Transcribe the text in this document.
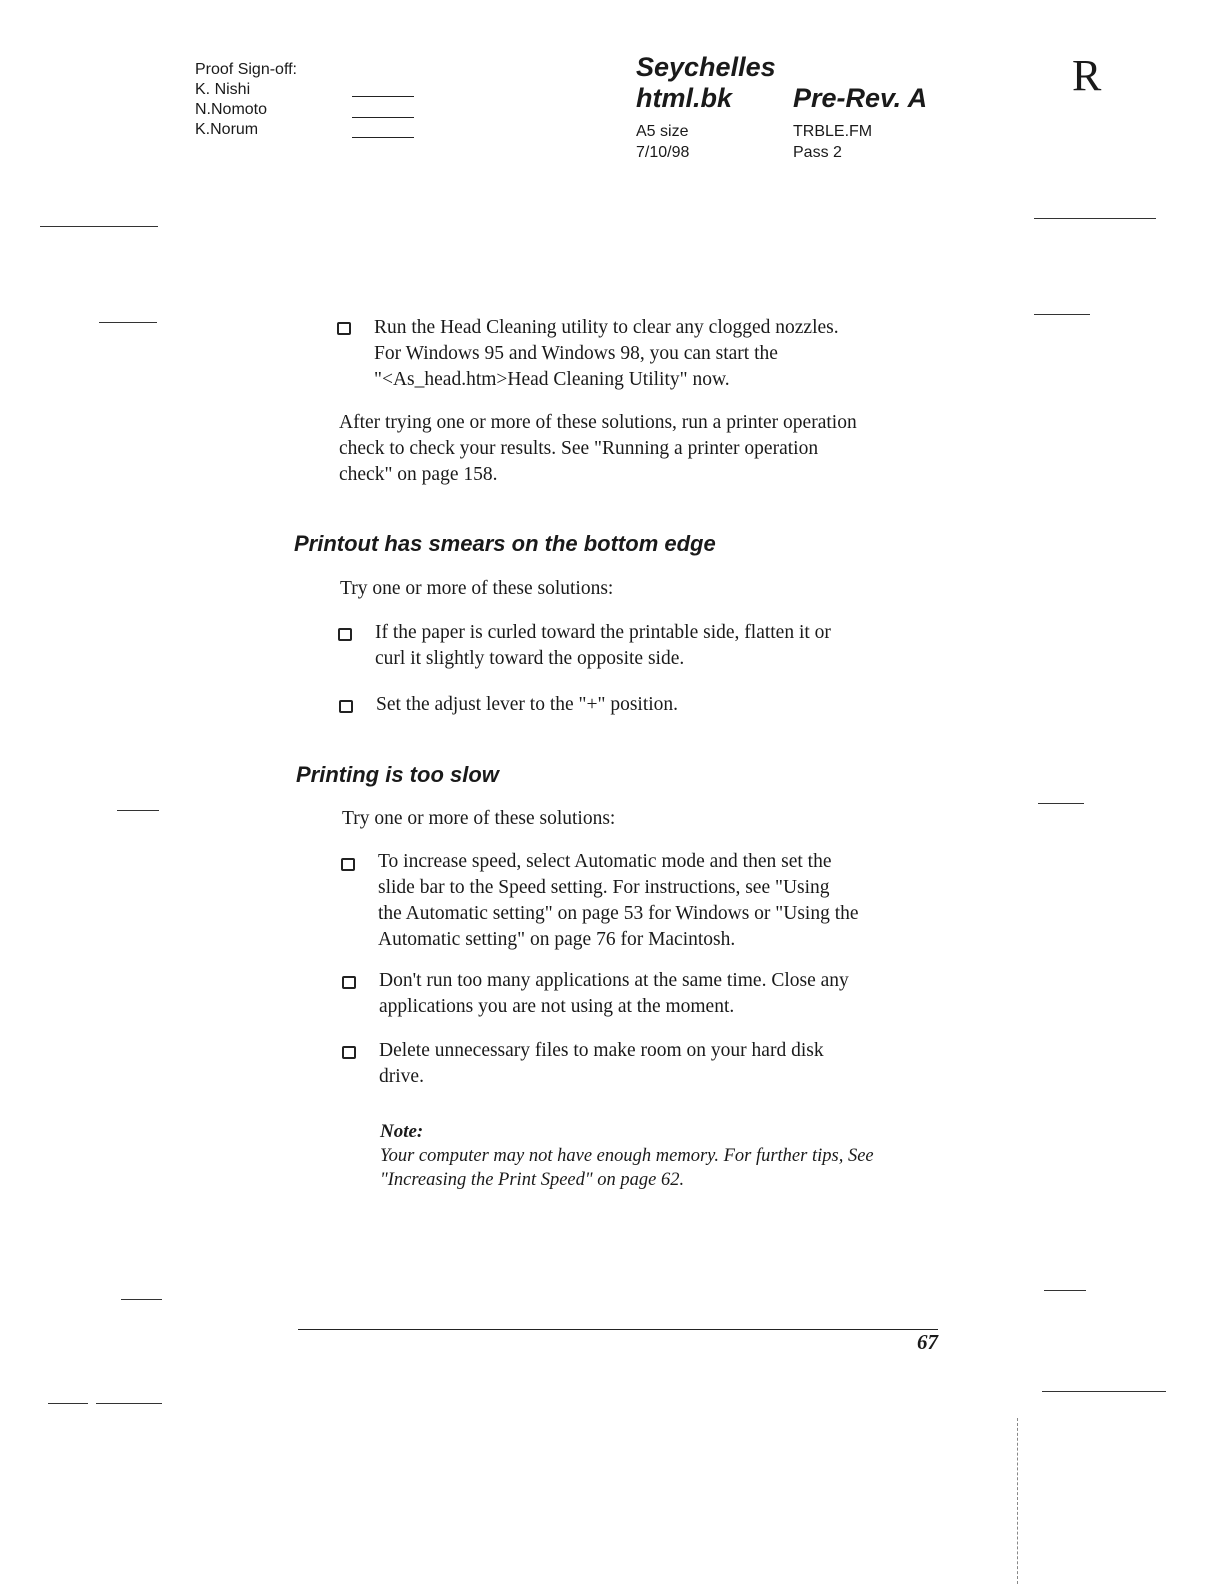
Proof Sign-off:
K. Nishi
N.Nomoto
K.Norum
Seychelles
html.bk	Pre-Rev. A
A5 size
7/10/98
TRBLE.FM
Pass 2
R
Run the Head Cleaning utility to clear any clogged nozzles.
For Windows 95 and Windows 98, you can start the
"<As_head.htm>Head Cleaning Utility" now.
After trying one or more of these solutions, run a printer operation
check to check your results. See "Running a printer operation
check" on page 158.
Printout has smears on the bottom edge
Try one or more of these solutions:
If the paper is curled toward the printable side, flatten it or
curl it slightly toward the opposite side.
Set the adjust lever to the "+" position.
Printing is too slow
Try one or more of these solutions:
To increase speed, select Automatic mode and then set the
slide bar to the Speed setting. For instructions, see "Using
the Automatic setting" on page 53 for Windows or "Using the
Automatic setting" on page 76 for Macintosh.
Don't run too many applications at the same time. Close any
applications you are not using at the moment.
Delete unnecessary files to make room on your hard disk
drive.
Note:
Your computer may not have enough memory. For further tips, See
"Increasing the Print Speed" on page 62.
67
